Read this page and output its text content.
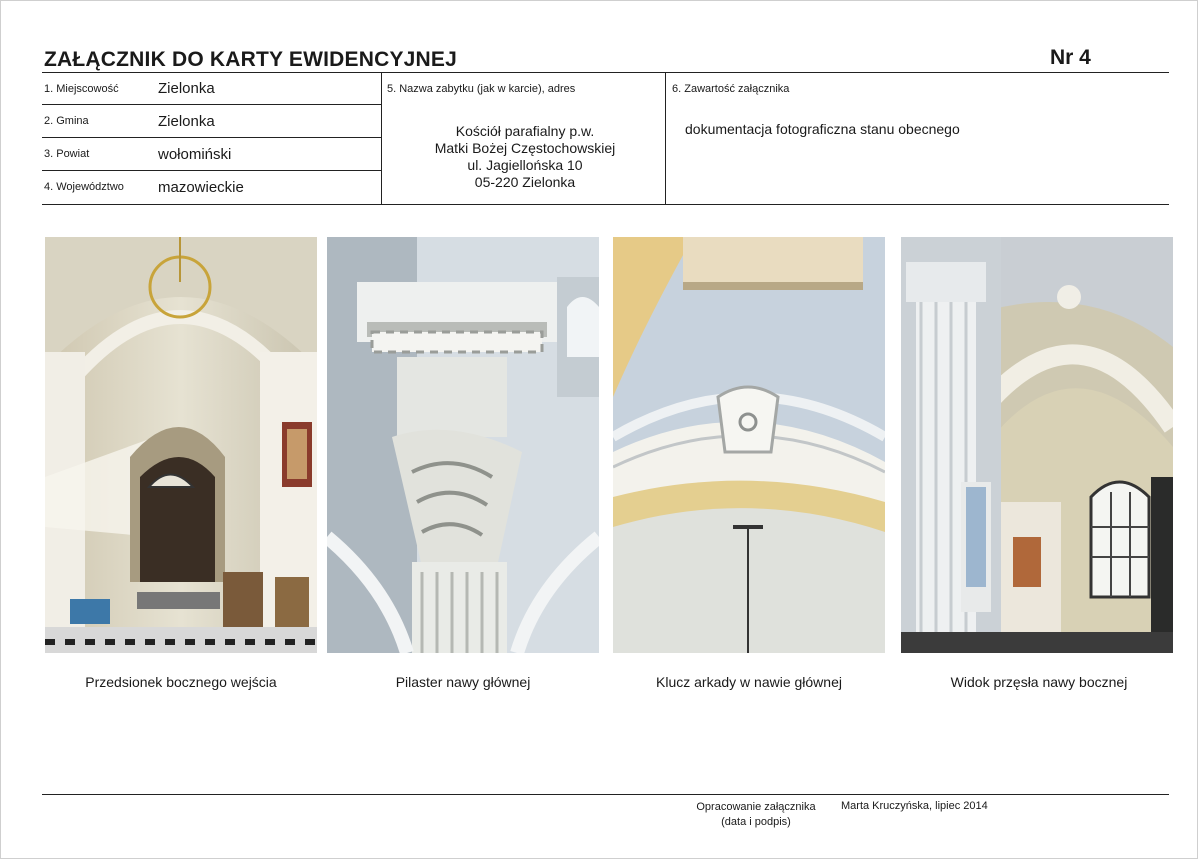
ZAŁĄCZNIK DO KARTY EWIDENCYJNEJ	Nr 4
1. Miejscowość	Zielonka
2. Gmina	Zielonka
3. Powiat	wołomiński
4. Województwo mazowieckie
5. Nazwa zabytku (jak w karcie), adres
Kościół parafialny p.w.
Matki Bożej Częstochowskiej
ul. Jagiellońska 10
05-220 Zielonka
6. Zawartość załącznika
dokumentacja fotograficzna stanu obecnego
Przedsionek bocznego wejścia	Pilaster nawy głównej	Klucz arkady w nawie głównej	Widok przęsła nawy bocznej
Opracowanie załącznika
(data i podpis)
Marta Kruczyńska, lipiec 2014
